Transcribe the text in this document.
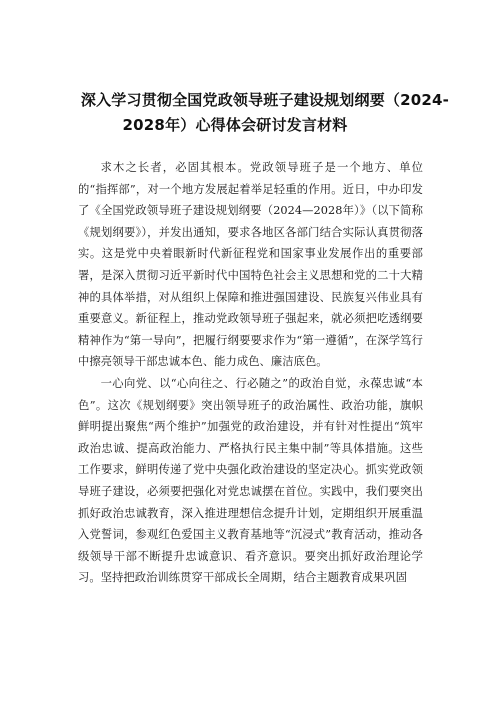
深入学习贯彻全国党政领导班子建设规划纲要（2024-
2028年）心得体会研讨发言材料

求木之长者，必固其根本。党政领导班子是一个地方、单位的“指挥部”，对一个地方发展起着举足轻重的作用。近日，中办印发了《全国党政领导班子建设规划纲要（2024—2028年）》（以下简称《规划纲要》），并发出通知，要求各地区各部门结合实际认真贯彻落实。这是党中央着眼新时代新征程党和国家事业发展作出的重要部署，是深入贯彻习近平新时代中国特色社会主义思想和党的二十大精神的具体举措，对从组织上保障和推进强国建设、民族复兴伟业具有重要意义。新征程上，推动党政领导班子强起来，就必须把吃透纲要精神作为“第一导向”，把履行纲要要求作为“第一遵循”，在深学笃行中擦亮领导干部忠诚本色、能力成色、廉洁底色。

一心向党、以“心向往之、行必随之”的政治自觉，永葆忠诚“本色”。这次《规划纲要》突出领导班子的政治属性、政治功能，旗帜鲜明提出聚焦“两个维护”加强党的政治建设，并有针对性提出“筑牢政治忠诚、提高政治能力、严格执行民主集中制”等具体措施。这些工作要求，鲜明传递了党中央强化政治建设的坚定决心。抓实党政领导班子建设，必须要把强化对党忠诚摆在首位。实践中，我们要突出抓好政治忠诚教育，深入推进理想信念提升计划，定期组织开展重温入党誓词，参观红色爱国主义教育基地等“沉浸式”教育活动，推动各级领导干部不断提升忠诚意识、看齐意识。要突出抓好政治理论学习。坚持把政治训练贯穿干部成长全周期，结合主题教育成果巩固
